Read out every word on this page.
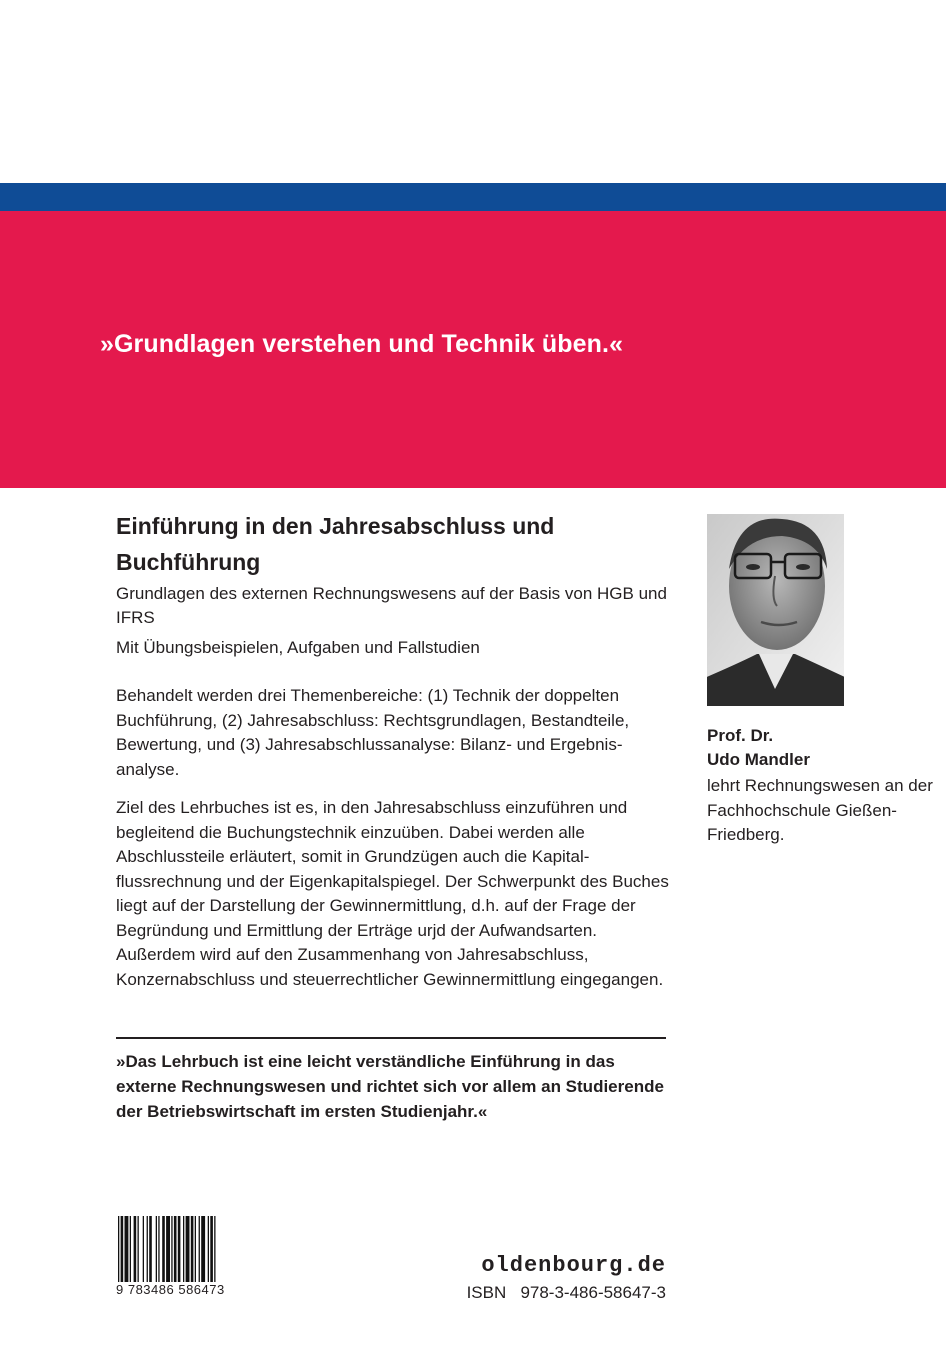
»Grundlagen verstehen und Technik üben.«

Einführung in den Jahresabschluss und Buchführung

Grundlagen des externen Rechnungswesens auf der Basis von HGB und IFRS

Mit Übungsbeispielen, Aufgaben und Fallstudien

Behandelt werden drei Themenbereiche: (1) Technik der doppelten Buchführung, (2) Jahresabschluss: Rechtsgrundlagen, Bestandteile, Bewertung, und (3) Jahresabschlussanalyse: Bilanz- und Ergebnisanalyse.

Ziel des Lehrbuches ist es, in den Jahresabschluss einzuführen und begleitend die Buchungstechnik einzuüben. Dabei werden alle Abschlussteile erläutert, somit in Grundzügen auch die Kapitalflussrechnung und der Eigenkapitalspiegel. Der Schwerpunkt des Buches liegt auf der Darstellung der Gewinnermittlung, d.h. auf der Frage der Begründung und Ermittlung der Erträge urjd der Aufwandsarten. Außerdem wird auf den Zusammenhang von Jahresabschluss, Konzernabschluss und steuerrechtlicher Gewinnermittlung eingegangen.

»Das Lehrbuch ist eine leicht verständliche Einführung in das externe Rechnungswesen und richtet sich vor allem an Studierende der Betriebswirtschaft im ersten Studienjahr.«

Prof. Dr.

Udo Mandler

lehrt Rechnungswesen an der Fachhochschule Gießen-Friedberg.

9 783486 586473
oldenbourg.de
ISBN 978-3-486-58647-3
